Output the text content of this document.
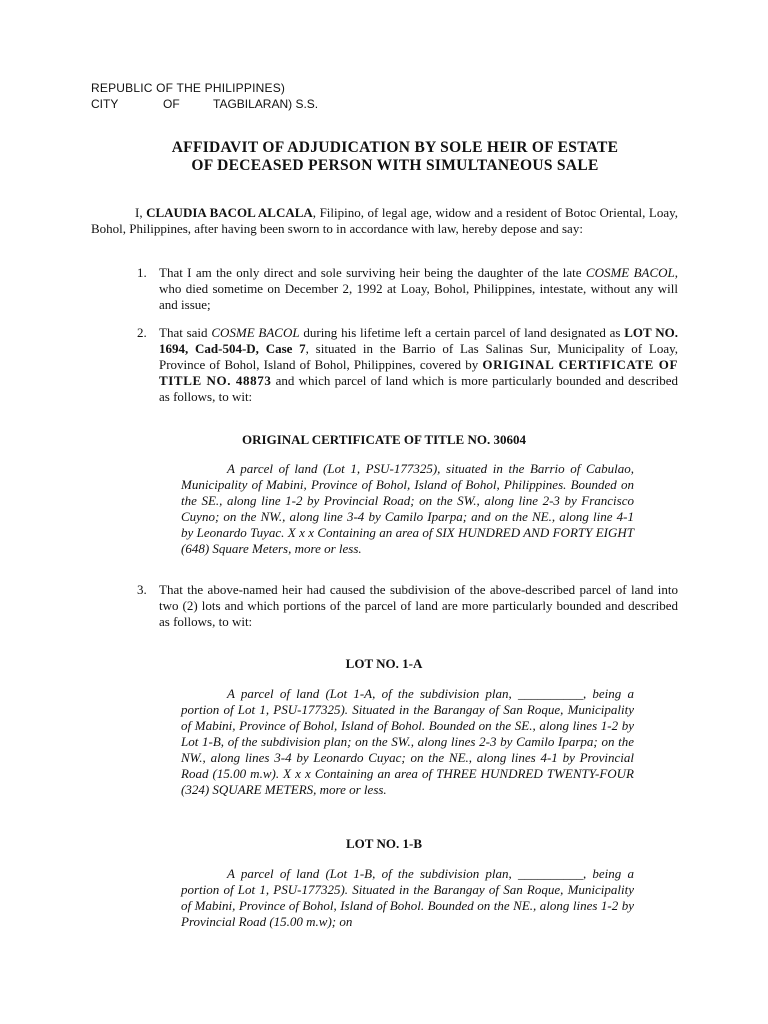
REPUBLIC OF THE PHILIPPINES)
CITY	OF	TAGBILARAN) S.S.
AFFIDAVIT OF ADJUDICATION BY SOLE HEIR OF ESTATE
OF DECEASED PERSON WITH SIMULTANEOUS SALE
I, CLAUDIA BACOL ALCALA, Filipino, of legal age, widow and a resident of Botoc Oriental, Loay, Bohol, Philippines, after having been sworn to in accordance with law, hereby depose and say:
1. That I am the only direct and sole surviving heir being the daughter of the late COSME BACOL, who died sometime on December 2, 1992 at Loay, Bohol, Philippines, intestate, without any will and issue;
2. That said COSME BACOL during his lifetime left a certain parcel of land designated as LOT NO. 1694, Cad-504-D, Case 7, situated in the Barrio of Las Salinas Sur, Municipality of Loay, Province of Bohol, Island of Bohol, Philippines, covered by ORIGINAL CERTIFICATE OF TITLE NO. 48873 and which parcel of land which is more particularly bounded and described as follows, to wit:
ORIGINAL CERTIFICATE OF TITLE NO. 30604
A parcel of land (Lot 1, PSU-177325), situated in the Barrio of Cabulao, Municipality of Mabini, Province of Bohol, Island of Bohol, Philippines. Bounded on the SE., along line 1-2 by Provincial Road; on the SW., along line 2-3 by Francisco Cuyno; on the NW., along line 3-4 by Camilo Iparpa; and on the NE., along line 4-1 by Leonardo Tuyac. X x x Containing an area of SIX HUNDRED AND FORTY EIGHT (648) Square Meters, more or less.
3. That the above-named heir had caused the subdivision of the above-described parcel of land into two (2) lots and which portions of the parcel of land are more particularly bounded and described as follows, to wit:
LOT NO. 1-A
A parcel of land (Lot 1-A, of the subdivision plan, __________, being a portion of Lot 1, PSU-177325). Situated in the Barangay of San Roque, Municipality of Mabini, Province of Bohol, Island of Bohol. Bounded on the SE., along lines 1-2 by Lot 1-B, of the subdivision plan; on the SW., along lines 2-3 by Camilo Iparpa; on the NW., along lines 3-4 by Leonardo Cuyac; on the NE., along lines 4-1 by Provincial Road (15.00 m.w). X x x Containing an area of THREE HUNDRED TWENTY-FOUR (324) SQUARE METERS, more or less.
LOT NO. 1-B
A parcel of land (Lot 1-B, of the subdivision plan, __________, being a portion of Lot 1, PSU-177325). Situated in the Barangay of San Roque, Municipality of Mabini, Province of Bohol, Island of Bohol. Bounded on the NE., along lines 1-2 by Provincial Road (15.00 m.w); on
